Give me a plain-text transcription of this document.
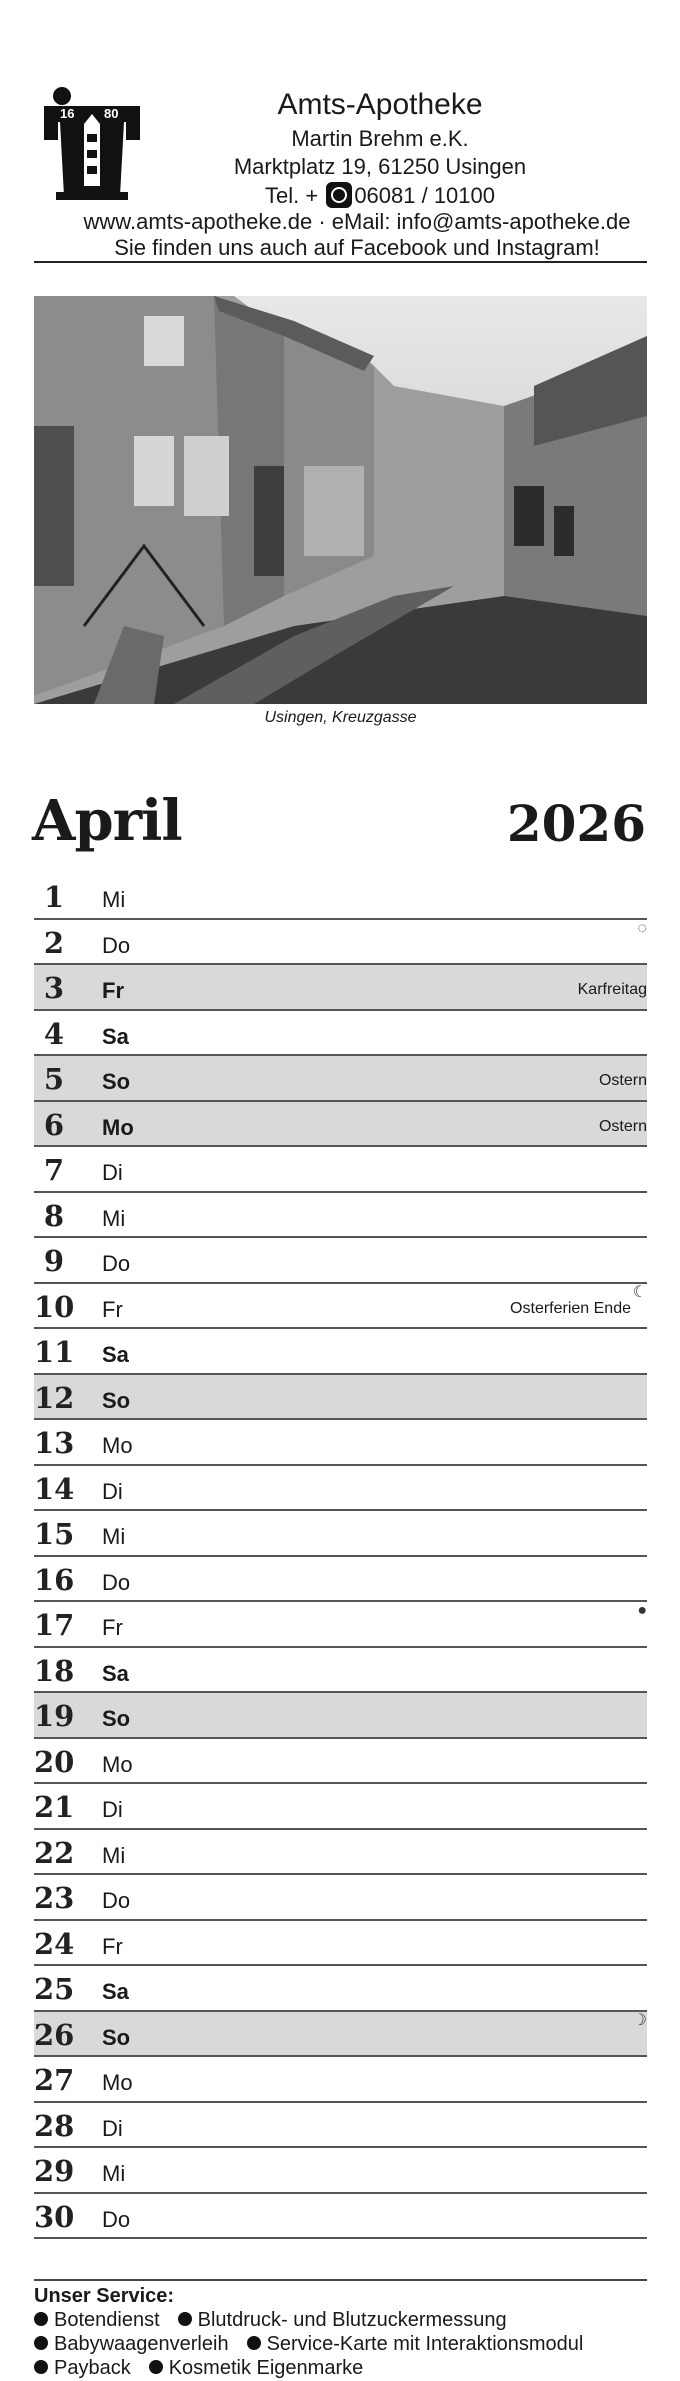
16 80	Amts-Apotheke
Martin Brehm e.K.
Marktplatz 19, 61250 Usingen
Tel. + 06081 / 10100
www.amts-apotheke.de · eMail: info@amts-apotheke.de
Sie finden uns auch auf Facebook und Instagram!
Usingen, Kreuzgasse
April	2026
1	Mi
2	Do
◌
3	Fr	Karfreitag
4	Sa
5	So	Ostern
6	Mo	Ostern
7	Di
8	Mi
9	Do
10 Fr	Osterferien Ende
☾
11 Sa
12 So
13 Mo
14 Di
15 Mi
16 Do
17 Fr
●
18 Sa
19 So
20 Mo
21 Di
22 Mi
23 Do
24 Fr
25 Sa
26 So
☽
27 Mo
28 Di
29 Mi
30 Do
Unser Service:
Botendienst Blutdruck- und Blutzuckermessung
Babywaagenverleih Service-Karte mit Interaktionsmodul
Payback Kosmetik Eigenmarke
